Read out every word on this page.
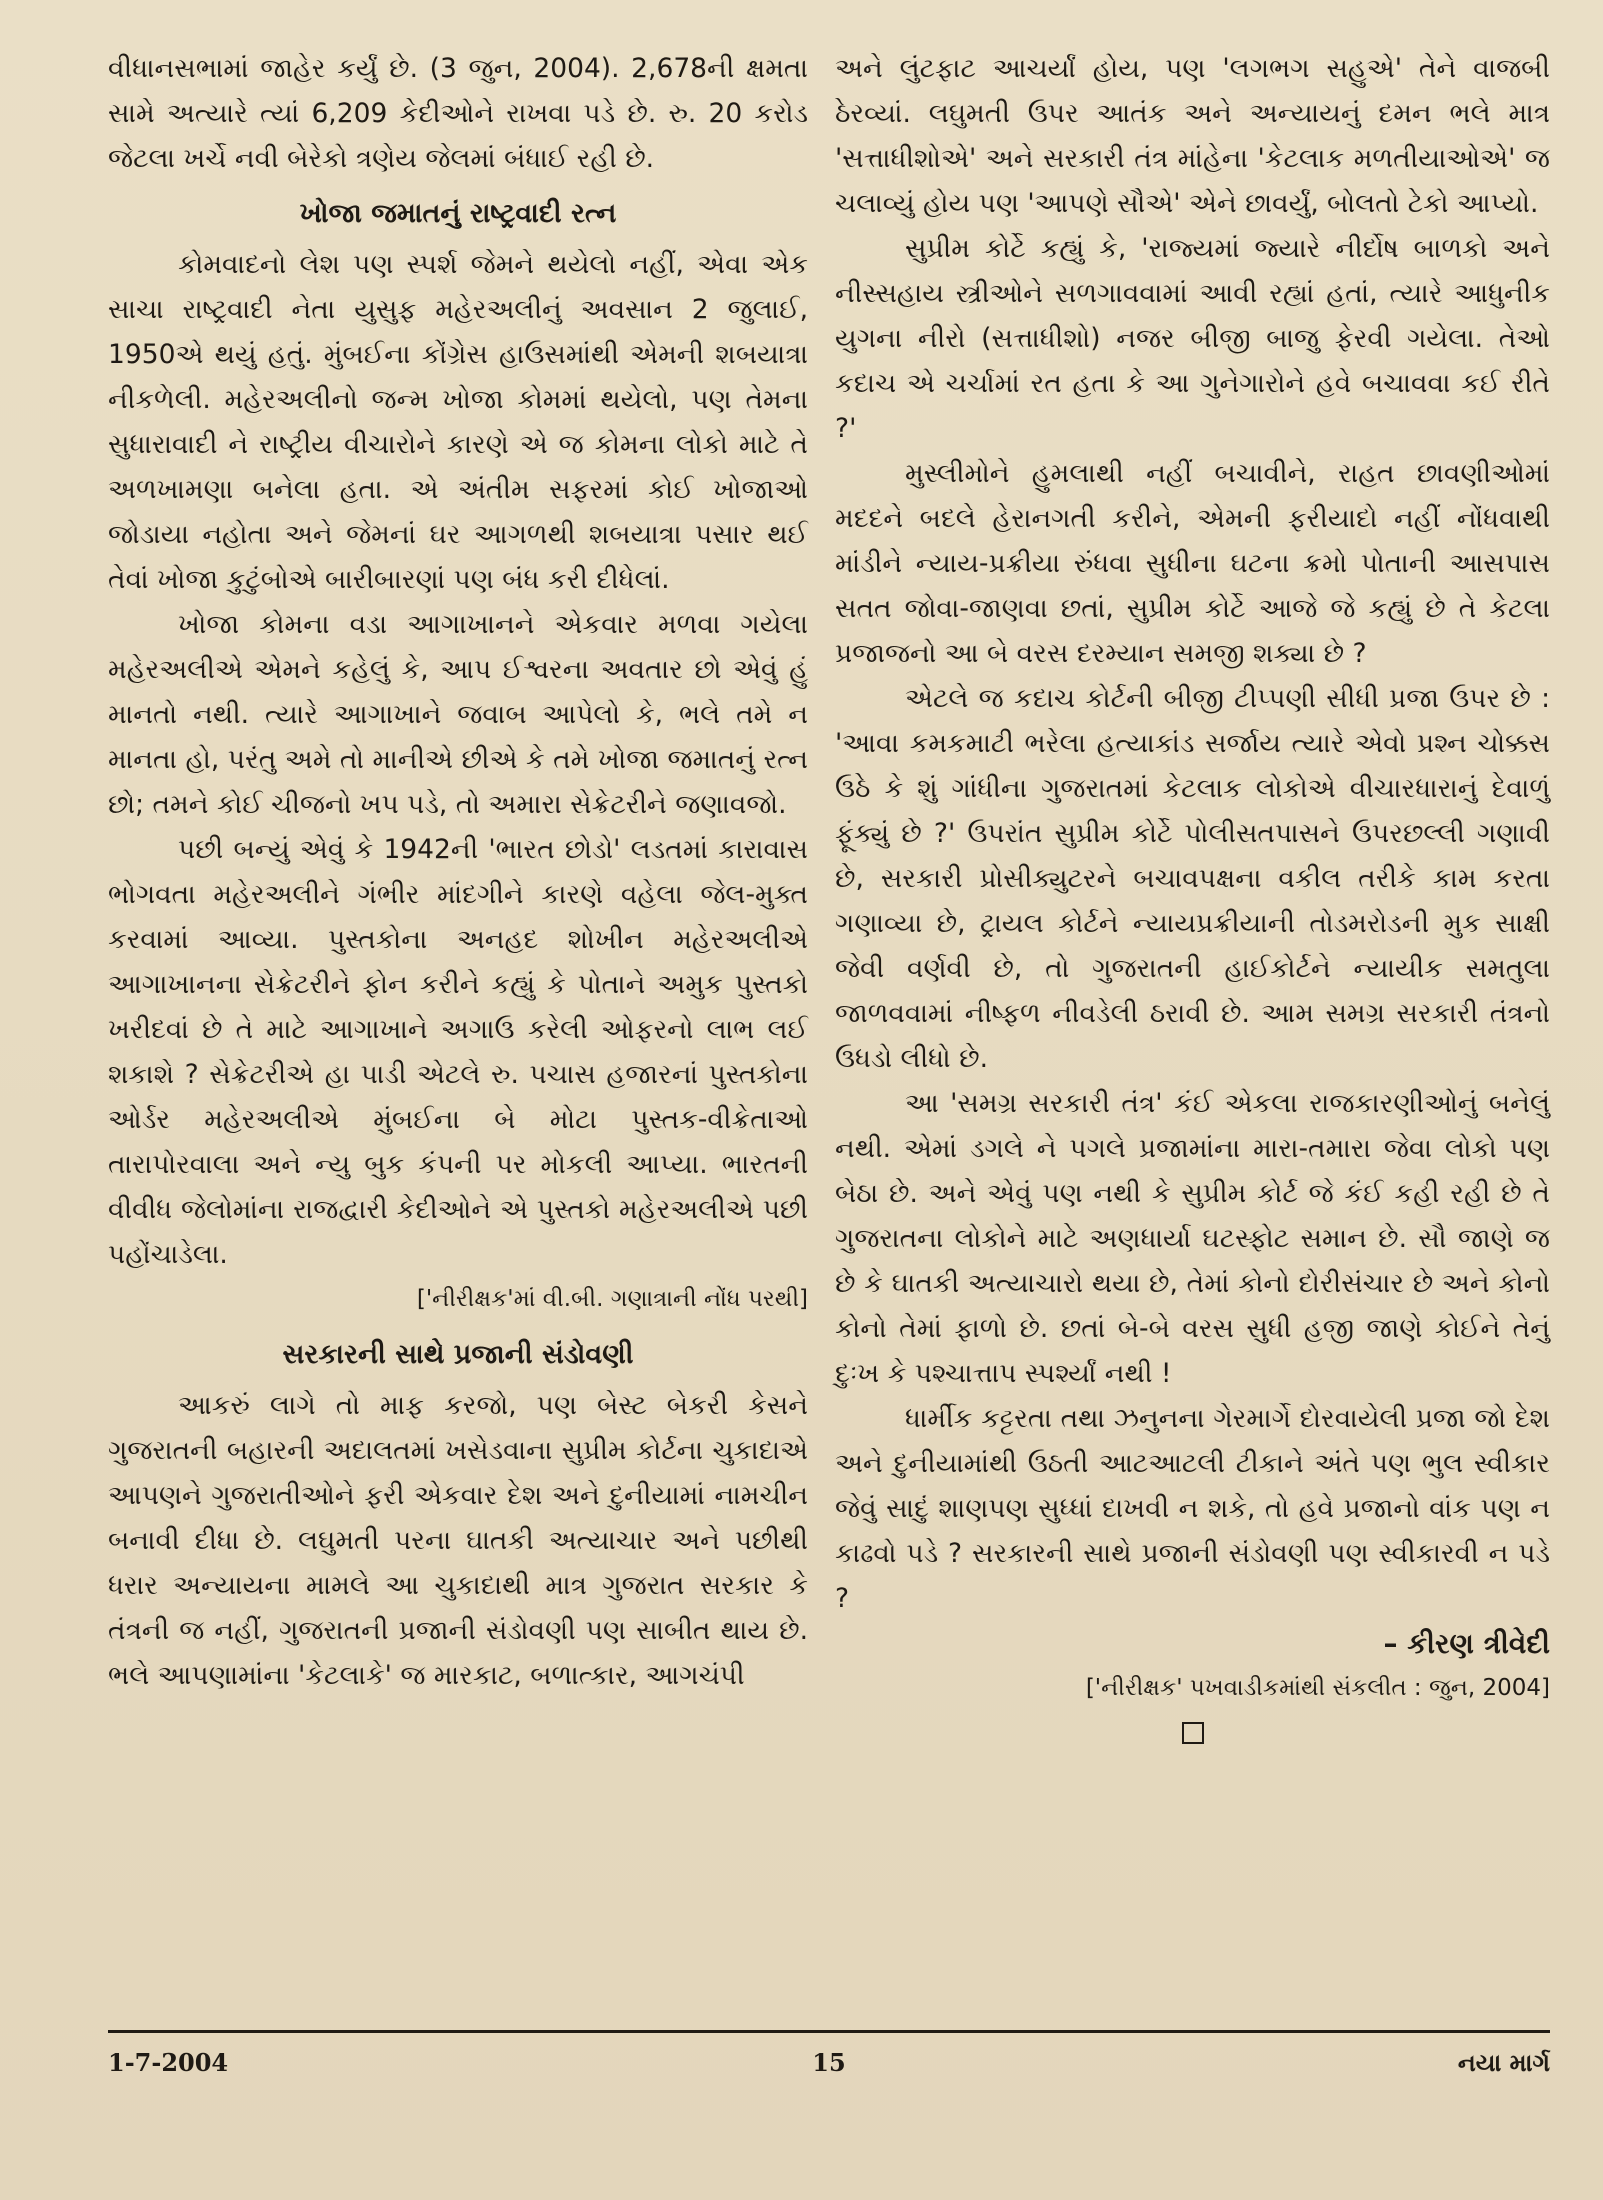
વીધાનસભામાં જાહેર કર્યું છે. (3 જુન, 2004). 2,678ની ક્ષમતા સામે અત્યારે ત્યાં 6,209 કેદીઓને રાખવા પડે છે. રુ. 20 કરોડ જેટલા ખર્ચે નવી બેરેકો ત્રણેય જેલમાં બંધાઈ રહી છે.

ખોજા જમાતનું રાષ્ટ્રવાદી રત્ન

કોમવાદનો લેશ પણ સ્પર્શ જેમને થયેલો નહીં, એવા એક સાચા રાષ્ટ્રવાદી નેતા યુસુફ મહેરઅલીનું અવસાન 2 જુલાઈ, 1950એ થયું હતું. મુંબઈના કોંગ્રેસ હાઉસમાંથી એમની શબયાત્રા નીકળેલી. મહેરઅલીનો જન્મ ખોજા કોમમાં થયેલો, પણ તેમના સુધારાવાદી ને રાષ્ટ્રીય વીચારોને કારણે એ જ કોમના લોકો માટે તે અળખામણા બનેલા હતા. એ અંતીમ સફરમાં કોઈ ખોજાઓ જોડાયા નહોતા અને જેમનાં ઘર આગળથી શબયાત્રા પસાર થઈ તેવાં ખોજા કુટુંબોએ બારીબારણાં પણ બંધ કરી દીધેલાં.

ખોજા કોમના વડા આગાખાનને એકવાર મળવા ગયેલા મહેરઅલીએ એમને કહેલું કે, આપ ઈશ્વરના અવતાર છો એવું હું માનતો નથી. ત્યારે આગાખાને જવાબ આપેલો કે, ભલે તમે ન માનતા હો, પરંતુ અમે તો માનીએ છીએ કે તમે ખોજા જમાતનું રત્ન છો; તમને કોઈ ચીજનો ખપ પડે, તો અમારા સેક્રેટરીને જણાવજો.

પછી બન્યું એવું કે 1942ની 'ભારત છોડો' લડતમાં કારાવાસ ભોગવતા મહેરઅલીને ગંભીર માંદગીને કારણે વહેલા જેલ-મુક્ત કરવામાં આવ્યા. પુસ્તકોના અનહદ શોખીન મહેરઅલીએ આગાખાનના સેક્રેટરીને ફોન કરીને કહ્યું કે પોતાને અમુક પુસ્તકો ખરીદવાં છે તે માટે આગાખાને અગાઉ કરેલી ઓફરનો લાભ લઈ શકાશે ? સેક્રેટરીએ હા પાડી એટલે રુ. પચાસ હજારનાં પુસ્તકોના ઓર્ડર મહેરઅલીએ મુંબઈના બે મોટા પુસ્તક-વીક્રેતાઓ તારાપોરવાલા અને ન્યુ બુક કંપની પર મોકલી આપ્યા. ભારતની વીવીધ જેલોમાંના રાજદ્વારી કેદીઓને એ પુસ્તકો મહેરઅલીએ પછી પહોંચાડેલા.

['નીરીક્ષક'માં વી.બી. ગણાત્રાની નોંધ પરથી]

સરકારની સાથે પ્રજાની સંડોવણી

આકરું લાગે તો માફ કરજો, પણ બેસ્ટ બેકરી કેસને ગુજરાતની બહારની અદાલતમાં ખસેડવાના સુપ્રીમ કોર્ટના ચુકાદાએ આપણને ગુજરાતીઓને ફરી એકવાર દેશ અને દુનીયામાં નામચીન બનાવી દીધા છે. લઘુમતી પરના ઘાતકી અત્યાચાર અને પછીથી ધરાર અન્યાયના મામલે આ ચુકાદાથી માત્ર ગુજરાત સરકાર કે તંત્રની જ નહીં, ગુજરાતની પ્રજાની સંડોવણી પણ સાબીત થાય છે. ભલે આપણામાંના 'કેટલાકે' જ મારકાટ, બળાત્કાર, આગચંપી

અને લુંટફાટ આચર્યાં હોય, પણ 'લગભગ સહુએ' તેને વાજબી ઠેરવ્યાં. લઘુમતી ઉપર આતંક અને અન્યાયનું દમન ભલે માત્ર 'સત્તાધીશોએ' અને સરકારી તંત્ર માંહેના 'કેટલાક મળતીયાઓએ' જ ચલાવ્યું હોય પણ 'આપણે સૌએ' એને છાવર્યું, બોલતો ટેકો આપ્યો.

સુપ્રીમ કોર્ટે કહ્યું કે, 'રાજ્યમાં જ્યારે નીર્દોષ બાળકો અને નીસ્સહાય સ્ત્રીઓને સળગાવવામાં આવી રહ્યાં હતાં, ત્યારે આધુનીક યુગના નીરો (સત્તાધીશો) નજર બીજી બાજુ ફેરવી ગયેલા. તેઓ કદાચ એ ચર્ચામાં રત હતા કે આ ગુનેગારોને હવે બચાવવા કઈ રીતે ?'

મુસ્લીમોને હુમલાથી નહીં બચાવીને, રાહત છાવણીઓમાં મદદને બદલે હેરાનગતી કરીને, એમની ફરીયાદો નહીં નોંધવાથી માંડીને ન્યાય-પ્રક્રીયા રુંધવા સુધીના ઘટના ક્રમો પોતાની આસપાસ સતત જોવા-જાણવા છતાં, સુપ્રીમ કોર્ટે આજે જે કહ્યું છે તે કેટલા પ્રજાજનો આ બે વરસ દરમ્યાન સમજી શક્યા છે ?

એટલે જ કદાચ કોર્ટની બીજી ટીપ્પણી સીધી પ્રજા ઉપર છે : 'આવા કમકમાટી ભરેલા હત્યાકાંડ સર્જાય ત્યારે એવો પ્રશ્ન ચોક્કસ ઉઠે કે શું ગાંધીના ગુજરાતમાં કેટલાક લોકોએ વીચારધારાનું દેવાળું ફૂંક્યું છે ?' ઉપરાંત સુપ્રીમ કોર્ટે પોલીસતપાસને ઉપરછલ્લી ગણાવી છે, સરકારી પ્રોસીક્યુટરને બચાવપક્ષના વકીલ તરીકે કામ કરતા ગણાવ્યા છે, ટ્રાયલ કોર્ટને ન્યાયપ્રક્રીયાની તોડમરોડની મુક સાક્ષી જેવી વર્ણવી છે, તો ગુજરાતની હાઈકોર્ટને ન્યાયીક સમતુલા જાળવવામાં નીષ્ફળ નીવડેલી ઠરાવી છે. આમ સમગ્ર સરકારી તંત્રનો ઉધડો લીધો છે.

આ 'સમગ્ર સરકારી તંત્ર' કંઈ એકલા રાજકારણીઓનું બનેલું નથી. એમાં ડગલે ને પગલે પ્રજામાંના મારા-તમારા જેવા લોકો પણ બેઠા છે. અને એવું પણ નથી કે સુપ્રીમ કોર્ટ જે કંઈ કહી રહી છે તે ગુજરાતના લોકોને માટે અણધાર્યા ઘટસ્ફોટ સમાન છે. સૌ જાણે જ છે કે ઘાતકી અત્યાચારો થયા છે, તેમાં કોનો દોરીસંચાર છે અને કોનો કોનો તેમાં ફાળો છે. છતાં બે-બે વરસ સુધી હજી જાણે કોઈને તેનું દુઃખ કે પશ્ચાત્તાપ સ્પર્શ્યાં નથી !

ધાર્મીક કટ્ટરતા તથા ઝનુનના ગેરમાર્ગે દોરવાયેલી પ્રજા જો દેશ અને દુનીયામાંથી ઉઠતી આટઆટલી ટીકાને અંતે પણ ભુલ સ્વીકાર જેવું સાદું શાણપણ સુધ્ધાં દાખવી ન શકે, તો હવે પ્રજાનો વાંક પણ ન કાઢવો પડે ? સરકારની સાથે પ્રજાની સંડોવણી પણ સ્વીકારવી ન પડે ?

– કીરણ ત્રીવેદી

['નીરીક્ષક' પખવાડીકમાંથી સંકલીત : જુન, 2004]

1-7-2004	15	નયા માર્ગ
